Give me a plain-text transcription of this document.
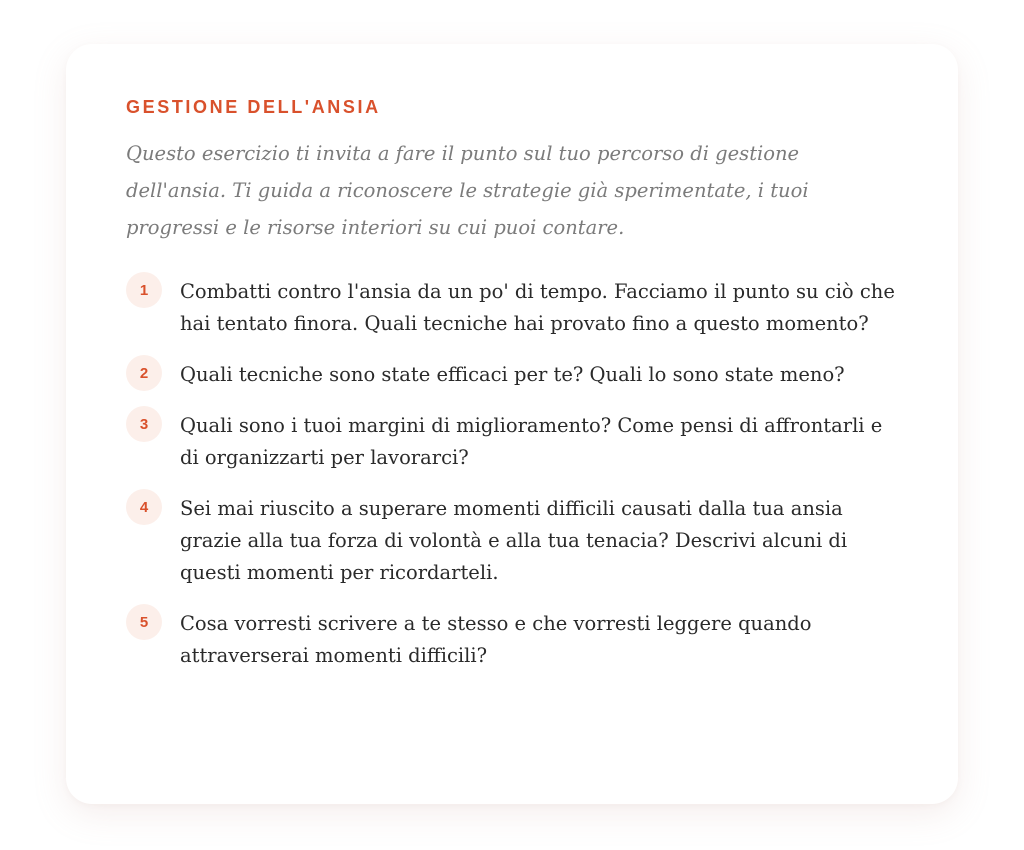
GESTIONE DELL'ANSIA

Questo esercizio ti invita a fare il punto sul tuo percorso di gestione dell'ansia. Ti guida a riconoscere le strategie già sperimentate, i tuoi progressi e le risorse interiori su cui puoi contare.

1	Combatti contro l'ansia da un po' di tempo. Facciamo il punto su ciò che hai tentato finora. Quali tecniche hai provato fino a questo momento?
2	Quali tecniche sono state efficaci per te? Quali lo sono state meno?
3	Quali sono i tuoi margini di miglioramento? Come pensi di affrontarli e di organizzarti per lavorarci?
4	Sei mai riuscito a superare momenti difficili causati dalla tua ansia grazie alla tua forza di volontà e alla tua tenacia? Descrivi alcuni di questi momenti per ricordarteli.
5	Cosa vorresti scrivere a te stesso e che vorresti leggere quando attraverserai momenti difficili?
